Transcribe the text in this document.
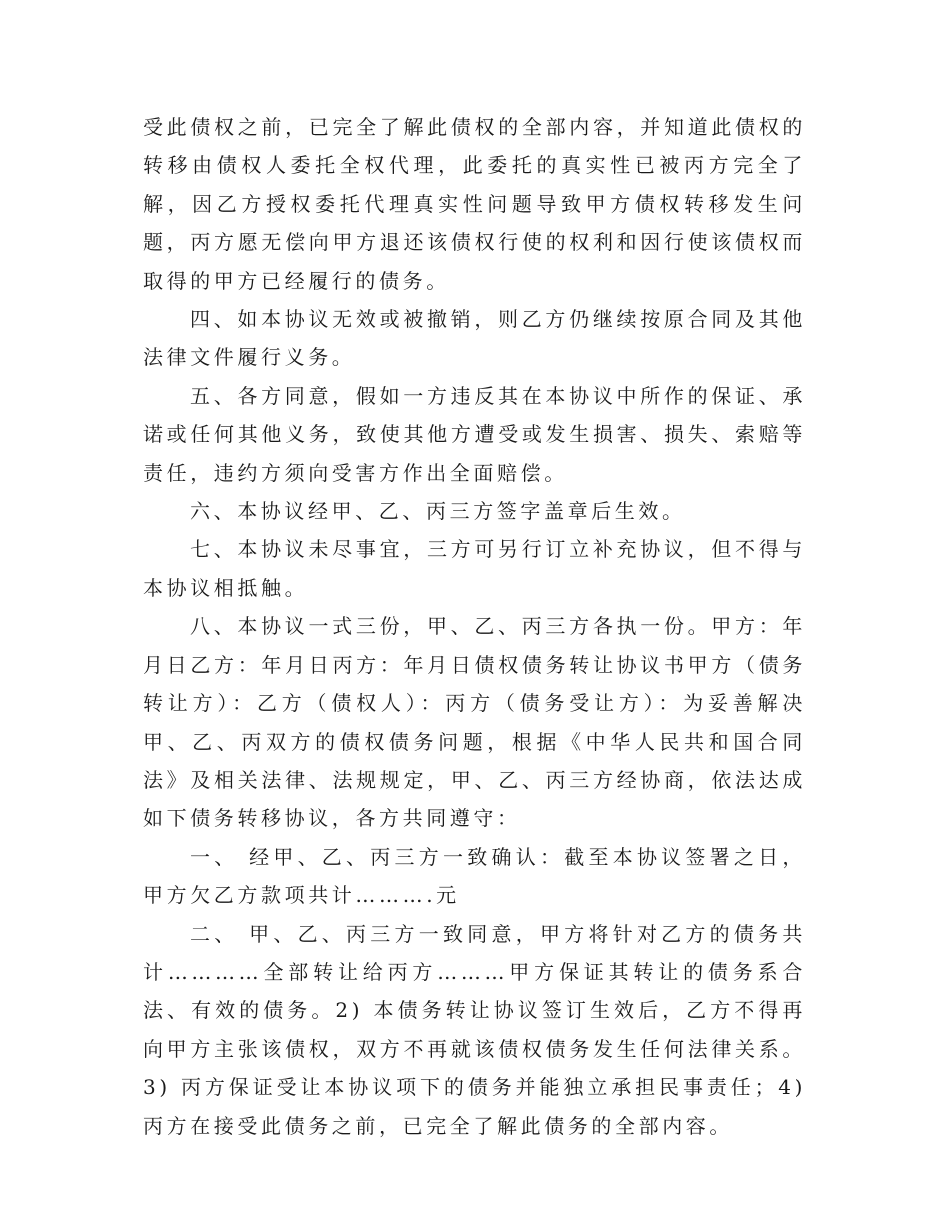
受此债权之前，已完全了解此债权的全部内容，并知道此债权的转移由债权人委托全权代理，此委托的真实性已被丙方完全了解，因乙方授权委托代理真实性问题导致甲方债权转移发生问题，丙方愿无偿向甲方退还该债权行使的权利和因行使该债权而取得的甲方已经履行的债务。

四、如本协议无效或被撤销，则乙方仍继续按原合同及其他法律文件履行义务。

五、各方同意，假如一方违反其在本协议中所作的保证、承诺或任何其他义务，致使其他方遭受或发生损害、损失、索赔等责任，违约方须向受害方作出全面赔偿。

六、本协议经甲、乙、丙三方签字盖章后生效。

七、本协议未尽事宜，三方可另行订立补充协议，但不得与本协议相抵触。

八、本协议一式三份，甲、乙、丙三方各执一份。甲方：年月日乙方：年月日丙方：年月日债权债务转让协议书甲方（债务转让方）：乙方（债权人）：丙方（债务受让方）：为妥善解决甲、乙、丙双方的债权债务问题，根据《中华人民共和国合同法》及相关法律、法规规定，甲、乙、丙三方经协商，依法达成如下债务转移协议，各方共同遵守：

一、 经甲、乙、丙三方一致确认：截至本协议签署之日，甲方欠乙方款项共计……….元

二、 甲、乙、丙三方一致同意，甲方将针对乙方的债务共计…………全部转让给丙方………甲方保证其转让的债务系合法、有效的债务。2) 本债务转让协议签订生效后，乙方不得再向甲方主张该债权，双方不再就该债权债务发生任何法律关系。3) 丙方保证受让本协议项下的债务并能独立承担民事责任；4) 丙方在接受此债务之前，已完全了解此债务的全部内容。
